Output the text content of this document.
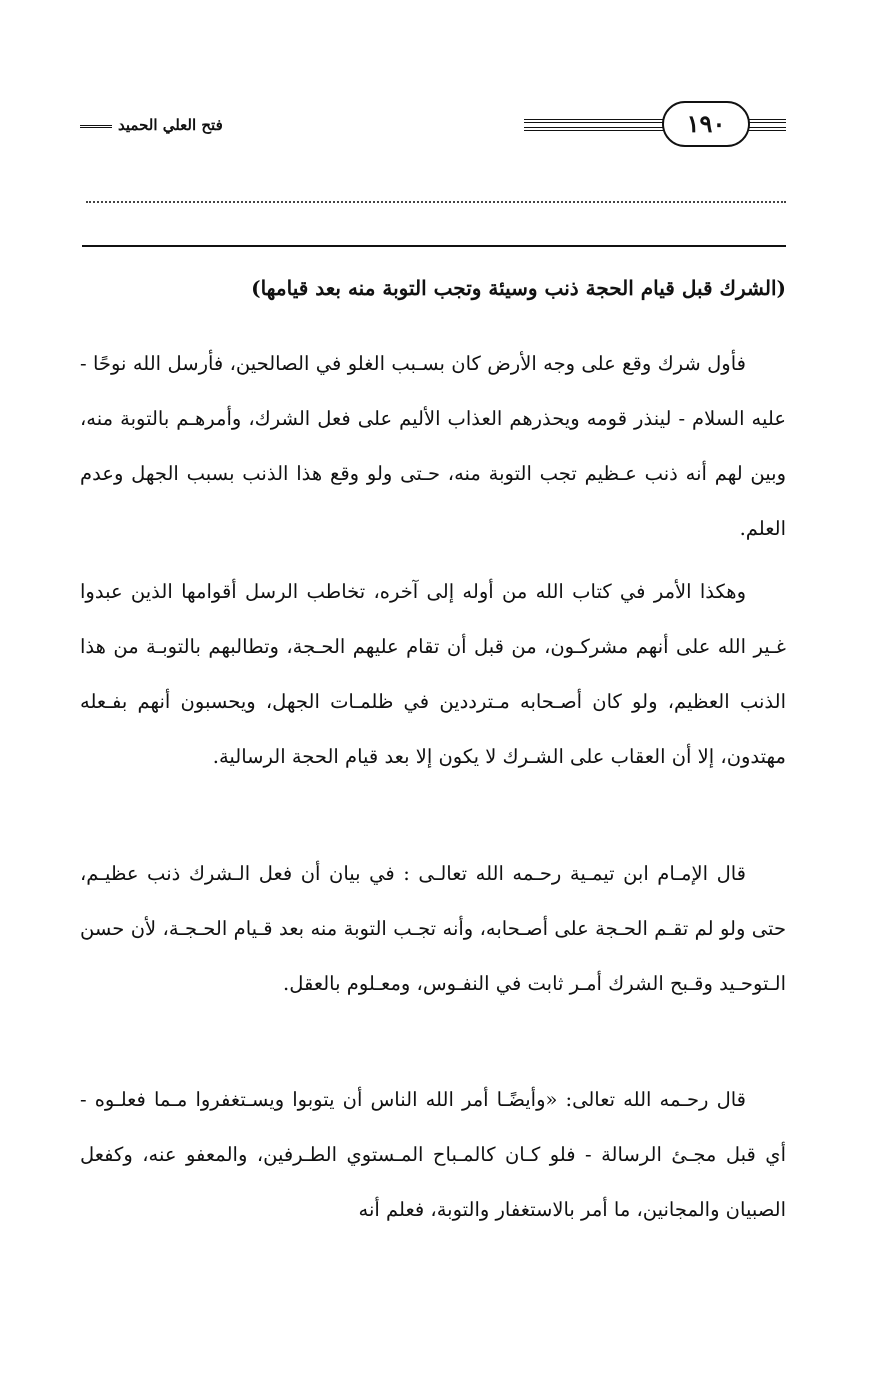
فتح العلي الحميد	١٩٠
(الشرك قبل قيام الحجة ذنب وسيئة وتجب التوبة منه بعد قيامها)

فأول شرك وقع على وجه الأرض كان بسـبب الغلو في الصالحين، فأرسل الله نوحًا - عليه السلام - لينذر قومه ويحذرهم العذاب الأليم على فعل الشرك، وأمرهـم بالتوبة منه، وبين لهم أنه ذنب عـظيم تجب التوبة منه، حـتى ولو وقع هذا الذنب بسبب الجهل وعدم العلم.

وهكذا الأمر في كتاب الله من أوله إلى آخره، تخاطب الرسل أقوامها الذين عبدوا غـير الله على أنهم مشركـون، من قبل أن تقام عليهم الحـجة، وتطالبهم بالتوبـة من هذا الذنب العظيم، ولو كان أصـحابه مـترددين في ظلمـات الجهل، ويحسبون أنهم بفـعله مهتدون، إلا أن العقاب على الشـرك لا يكون إلا بعد قيام الحجة الرسالية.

قال الإمـام ابن تيمـية رحـمه الله تعالـى : في بيان أن فعل الـشرك ذنب عظيـم، حتى ولو لم تقـم الحـجة على أصـحابه، وأنه تجـب التوبة منه بعد قـيام الحـجـة، لأن حسن الـتوحـيد وقـبح الشرك أمـر ثابت في النفـوس، ومعـلوم بالعقل.

قال رحـمه الله تعالى: «وأيضًـا أمر الله الناس أن يتوبوا ويسـتغفروا مـما فعلـوه - أي قبل مجـئ الرسالة - فلو كـان كالمـباح المـستوي الطـرفين، والمعفو عنه، وكفعل الصبيان والمجانين، ما أمر بالاستغفار والتوبة، فعلم أنه
